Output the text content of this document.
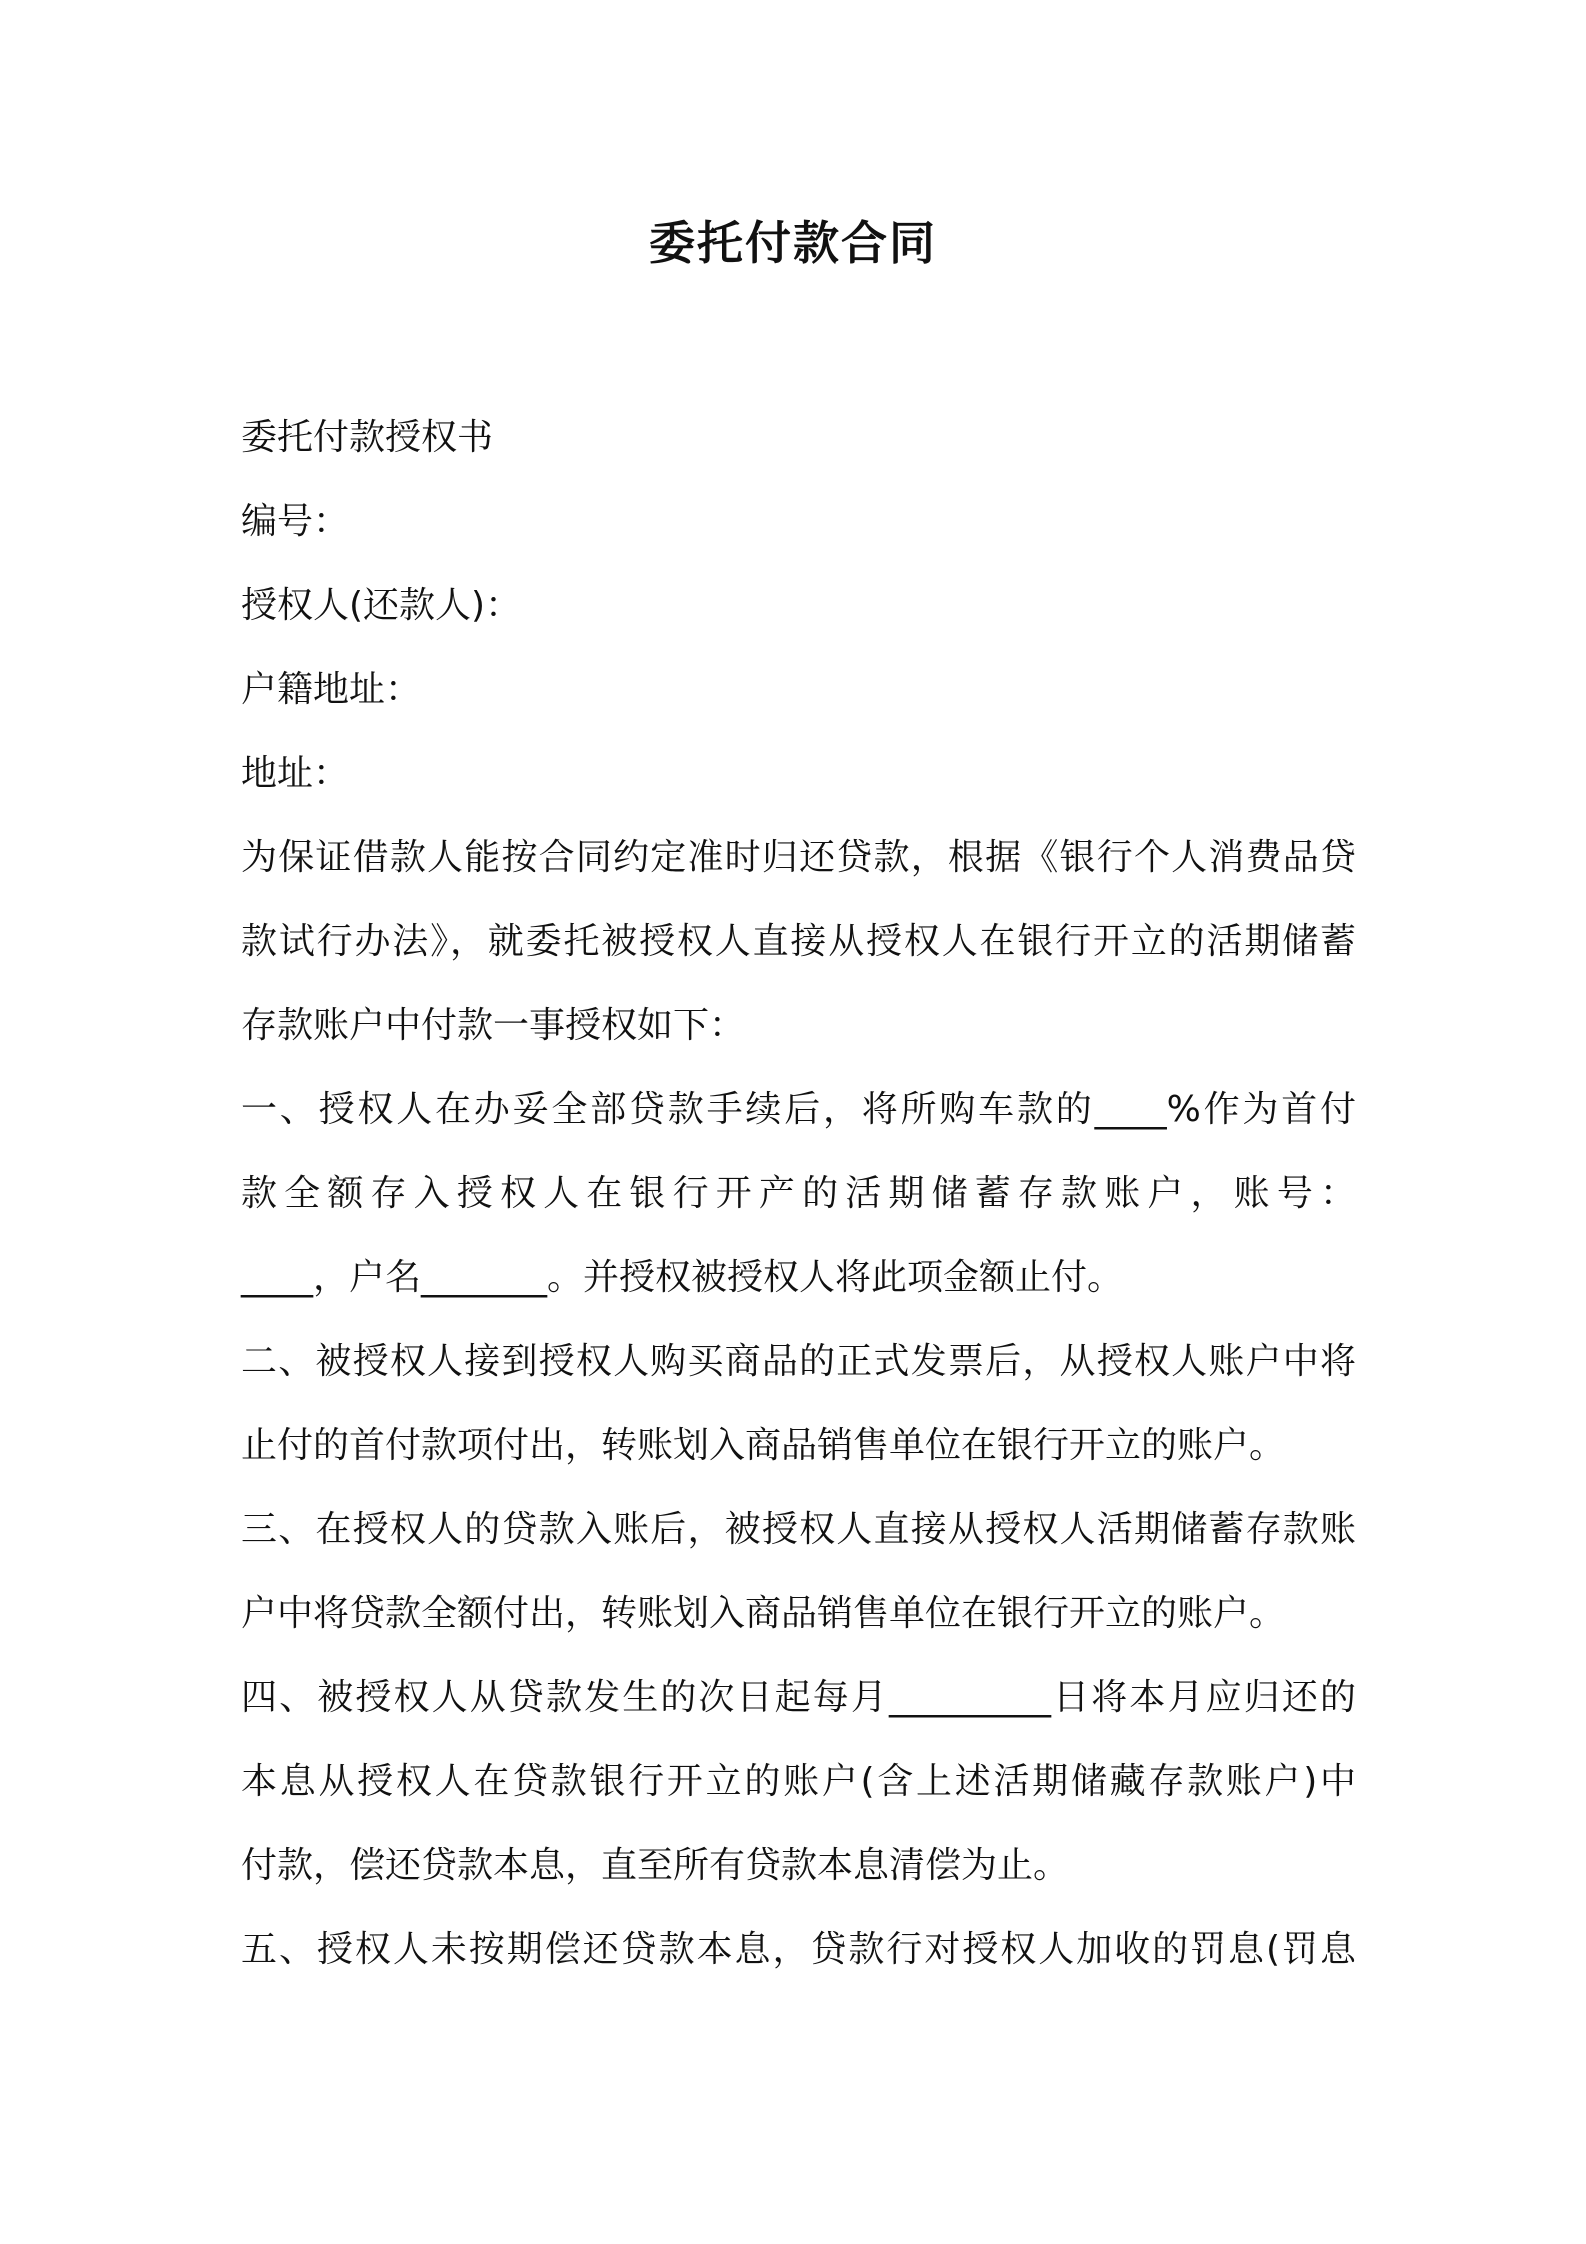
委托付款合同
委托付款授权书
编号：
授权人(还款人)：
户籍地址：
地址：
为保证借款人能按合同约定准时归还贷款，根据《银行个人消费品贷
款试行办法》，就委托被授权人直接从授权人在银行开立的活期储蓄
存款账户中付款一事授权如下：
一、授权人在办妥全部贷款手续后，将所购车款的____%作为首付
款全额存入授权人在银行开产的活期储蓄存款账户，账号：
____，户名_______。并授权被授权人将此项金额止付。
二、被授权人接到授权人购买商品的正式发票后，从授权人账户中将
止付的首付款项付出，转账划入商品销售单位在银行开立的账户。
三、在授权人的贷款入账后，被授权人直接从授权人活期储蓄存款账
户中将贷款全额付出，转账划入商品销售单位在银行开立的账户。
四、被授权人从贷款发生的次日起每月_________日将本月应归还的
本息从授权人在贷款银行开立的账户(含上述活期储藏存款账户)中
付款，偿还贷款本息，直至所有贷款本息清偿为止。
五、授权人未按期偿还贷款本息，贷款行对授权人加收的罚息(罚息
